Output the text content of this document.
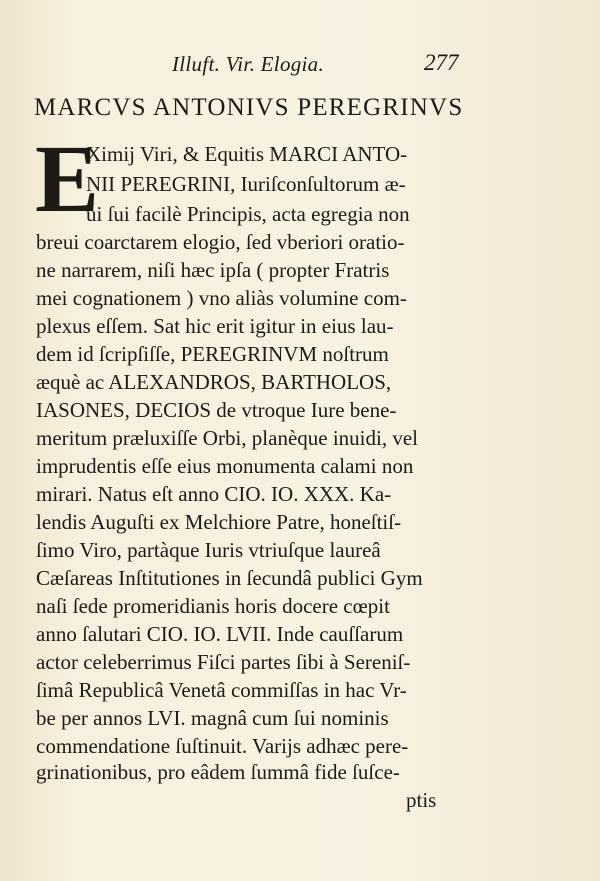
Illuft. Vir. Elogia.	277
MARCVS ANTONIVS PEREGRINVS
E
Ximij Viri, & Equitis MARCI ANTO-
NII PEREGRINI, Iuriſconſultorum æ-
ui ſui facilè Principis, acta egregia non
breui coarctarem elogio, ſed vberiori oratio-
ne narrarem, niſi hæc ipſa ( propter Fratris
mei cognationem ) vno aliàs volumine com-
plexus eſſem. Sat hic erit igitur in eius lau-
dem id ſcripſiſſe, PEREGRINVM noſtrum
æquè ac ALEXANDROS, BARTHOLOS,
IASONES, DECIOS de vtroque Iure bene-
meritum præluxiſſe Orbi, planèque inuidi, vel
imprudentis eſſe eius monumenta calami non
mirari. Natus eſt anno CIO. IO. XXX. Ka-
lendis Auguſti ex Melchiore Patre, honeſtiſ-
ſimo Viro, partàque Iuris vtriuſque laureâ
Cæſareas Inſtitutiones in ſecundâ publici Gym
naſi ſede promeridianis horis docere cœpit
anno ſalutari CIO. IO. LVII. Inde cauſſarum
actor celeberrimus Fiſci partes ſibi à Sereniſ-
ſimâ Republicâ Venetâ commiſſas in hac Vr-
be per annos LVI. magnâ cum ſui nominis
commendatione ſuſtinuit. Varijs adhæc pere-
grinationibus, pro eâdem ſummâ fide ſuſce-
ptis
